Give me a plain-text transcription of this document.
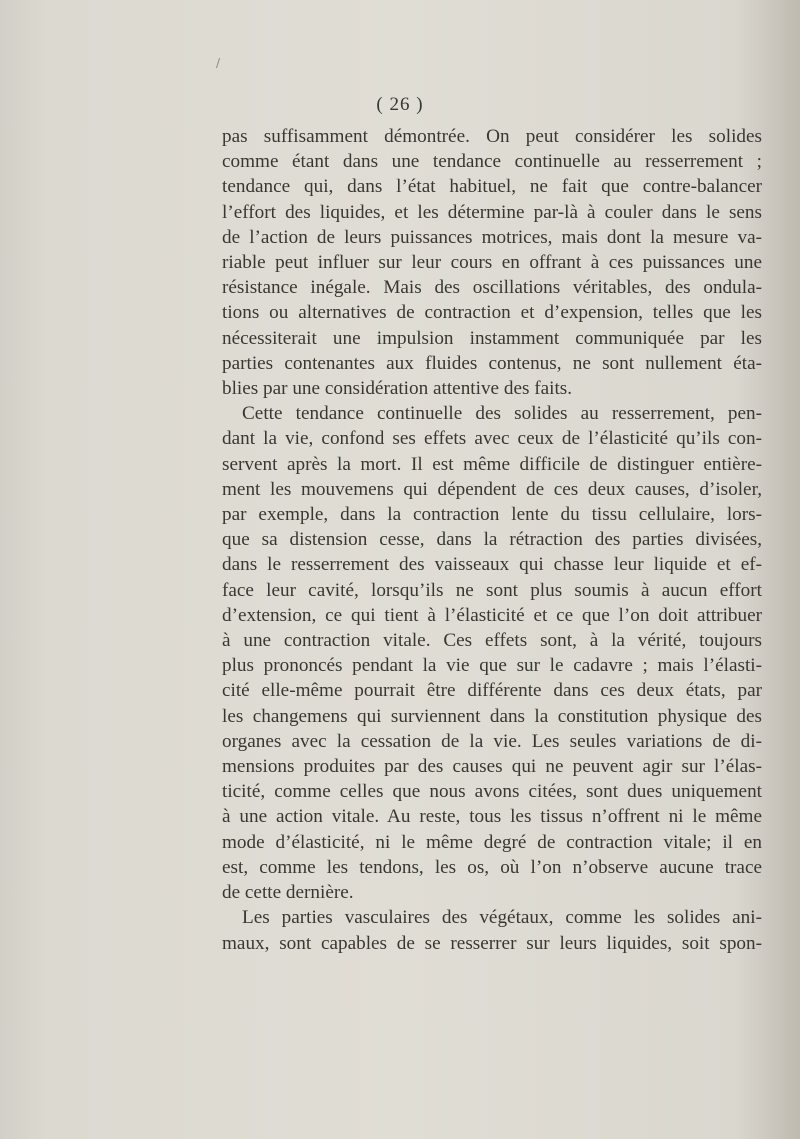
/
( 26 )
pas suffisamment démontrée. On peut considérer les solides
comme étant dans une tendance continuelle au resserrement ;
tendance qui, dans l’état habituel, ne fait que contre-balancer
l’effort des liquides, et les détermine par-là à couler dans le sens
de l’action de leurs puissances motrices, mais dont la mesure va-
riable peut influer sur leur cours en offrant à ces puissances une
résistance inégale. Mais des oscillations véritables, des ondula-
tions ou alternatives de contraction et d’expension, telles que les
nécessiterait une impulsion instamment communiquée par les
parties contenantes aux fluides contenus, ne sont nullement éta-
blies par une considération attentive des faits.
Cette tendance continuelle des solides au resserrement, pen-
dant la vie, confond ses effets avec ceux de l’élasticité qu’ils con-
servent après la mort. Il est même difficile de distinguer entière-
ment les mouvemens qui dépendent de ces deux causes, d’isoler,
par exemple, dans la contraction lente du tissu cellulaire, lors-
que sa distension cesse, dans la rétraction des parties divisées,
dans le resserrement des vaisseaux qui chasse leur liquide et ef-
face leur cavité, lorsqu’ils ne sont plus soumis à aucun effort
d’extension, ce qui tient à l’élasticité et ce que l’on doit attribuer
à une contraction vitale. Ces effets sont, à la vérité, toujours
plus prononcés pendant la vie que sur le cadavre ; mais l’élasti-
cité elle-même pourrait être différente dans ces deux états, par
les changemens qui surviennent dans la constitution physique des
organes avec la cessation de la vie. Les seules variations de di-
mensions produites par des causes qui ne peuvent agir sur l’élas-
ticité, comme celles que nous avons citées, sont dues uniquement
à une action vitale. Au reste, tous les tissus n’offrent ni le même
mode d’élasticité, ni le même degré de contraction vitale; il en
est, comme les tendons, les os, où l’on n’observe aucune trace
de cette dernière.
Les parties vasculaires des végétaux, comme les solides ani-
maux, sont capables de se resserrer sur leurs liquides, soit spon-
